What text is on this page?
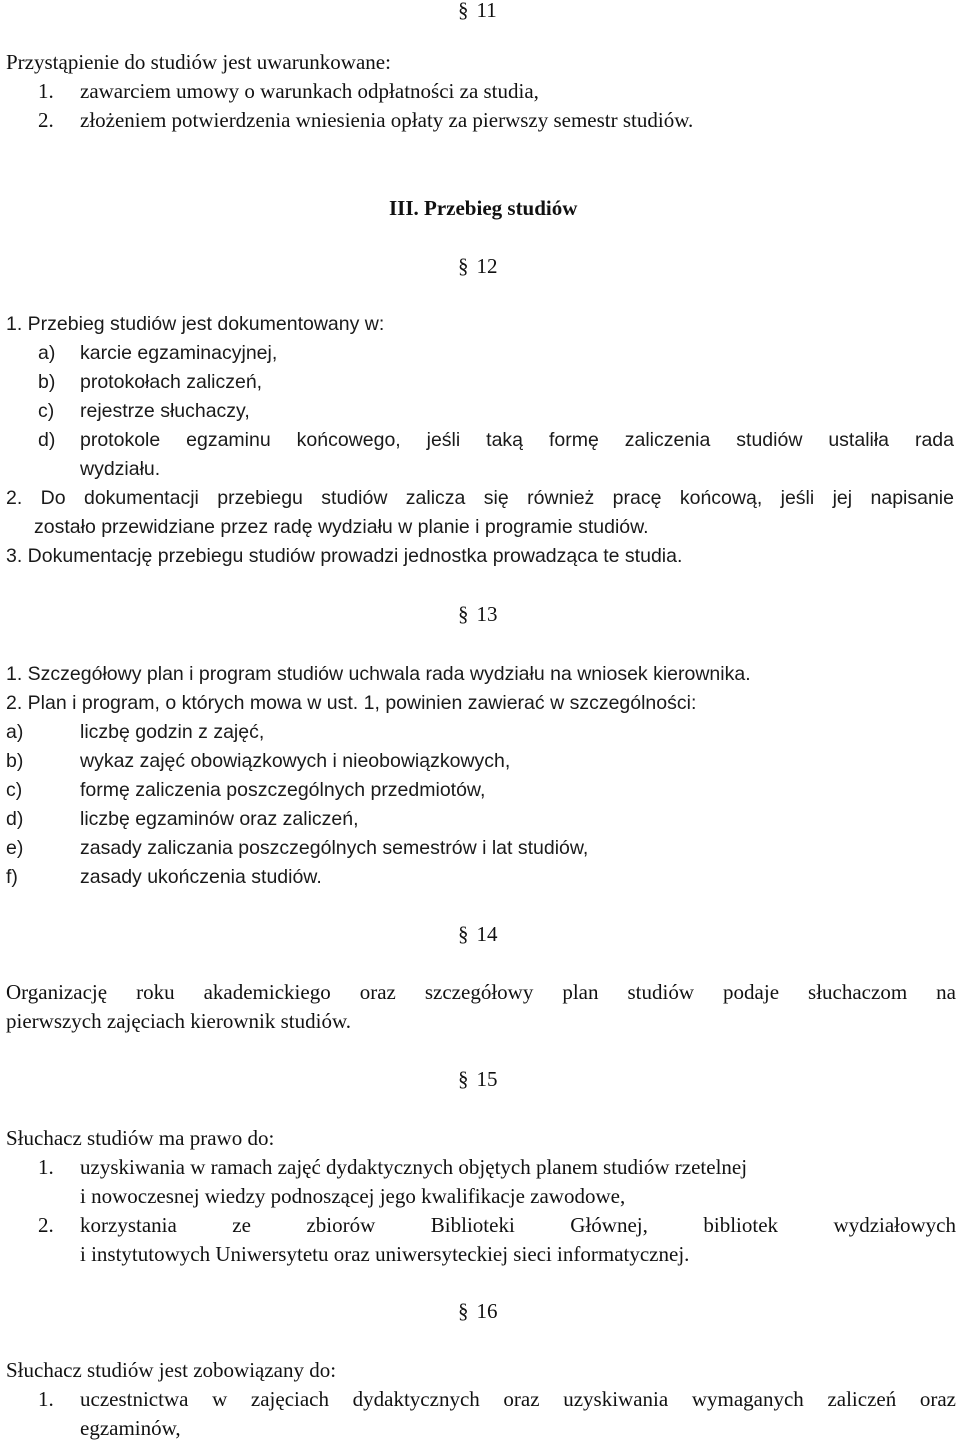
§ 11
Przystąpienie do studiów jest uwarunkowane:
1. zawarciem umowy o warunkach odpłatności za studia,
2. złożeniem potwierdzenia wniesienia opłaty za pierwszy semestr studiów.
III. Przebieg studiów
§ 12
1. Przebieg studiów jest dokumentowany w:
a) karcie egzaminacyjnej,
b) protokołach zaliczeń,
c) rejestrze słuchaczy,
d) protokole egzaminu końcowego, jeśli taką formę zaliczenia studiów ustaliła rada
wydziału.
2. Do dokumentacji przebiegu studiów zalicza się również pracę końcową, jeśli jej napisanie
zostało przewidziane przez radę wydziału w planie i programie studiów.
3. Dokumentację przebiegu studiów prowadzi jednostka prowadząca te studia.
§ 13
1. Szczegółowy plan i program studiów uchwala rada wydziału na wniosek kierownika.
2. Plan i program, o których mowa w ust. 1, powinien zawierać w szczególności:
a)	liczbę godzin z zajęć,
b)	wykaz zajęć obowiązkowych i nieobowiązkowych,
c)	formę zaliczenia poszczególnych przedmiotów,
d)	liczbę egzaminów oraz zaliczeń,
e)	zasady zaliczania poszczególnych semestrów i lat studiów,
f)	zasady ukończenia studiów.
§ 14
Organizację roku akademickiego oraz szczegółowy plan studiów podaje słuchaczom na
pierwszych zajęciach kierownik studiów.
§ 15
Słuchacz studiów ma prawo do:
1. uzyskiwania w ramach zajęć dydaktycznych objętych planem studiów rzetelnej
i nowoczesnej wiedzy podnoszącej jego kwalifikacje zawodowe,
2. korzystania ze zbiorów Biblioteki Głównej, bibliotek wydziałowych
i instytutowych Uniwersytetu oraz uniwersyteckiej sieci informatycznej.
§ 16
Słuchacz studiów jest zobowiązany do:
1. uczestnictwa w zajęciach dydaktycznych oraz uzyskiwania wymaganych zaliczeń oraz
egzaminów,
